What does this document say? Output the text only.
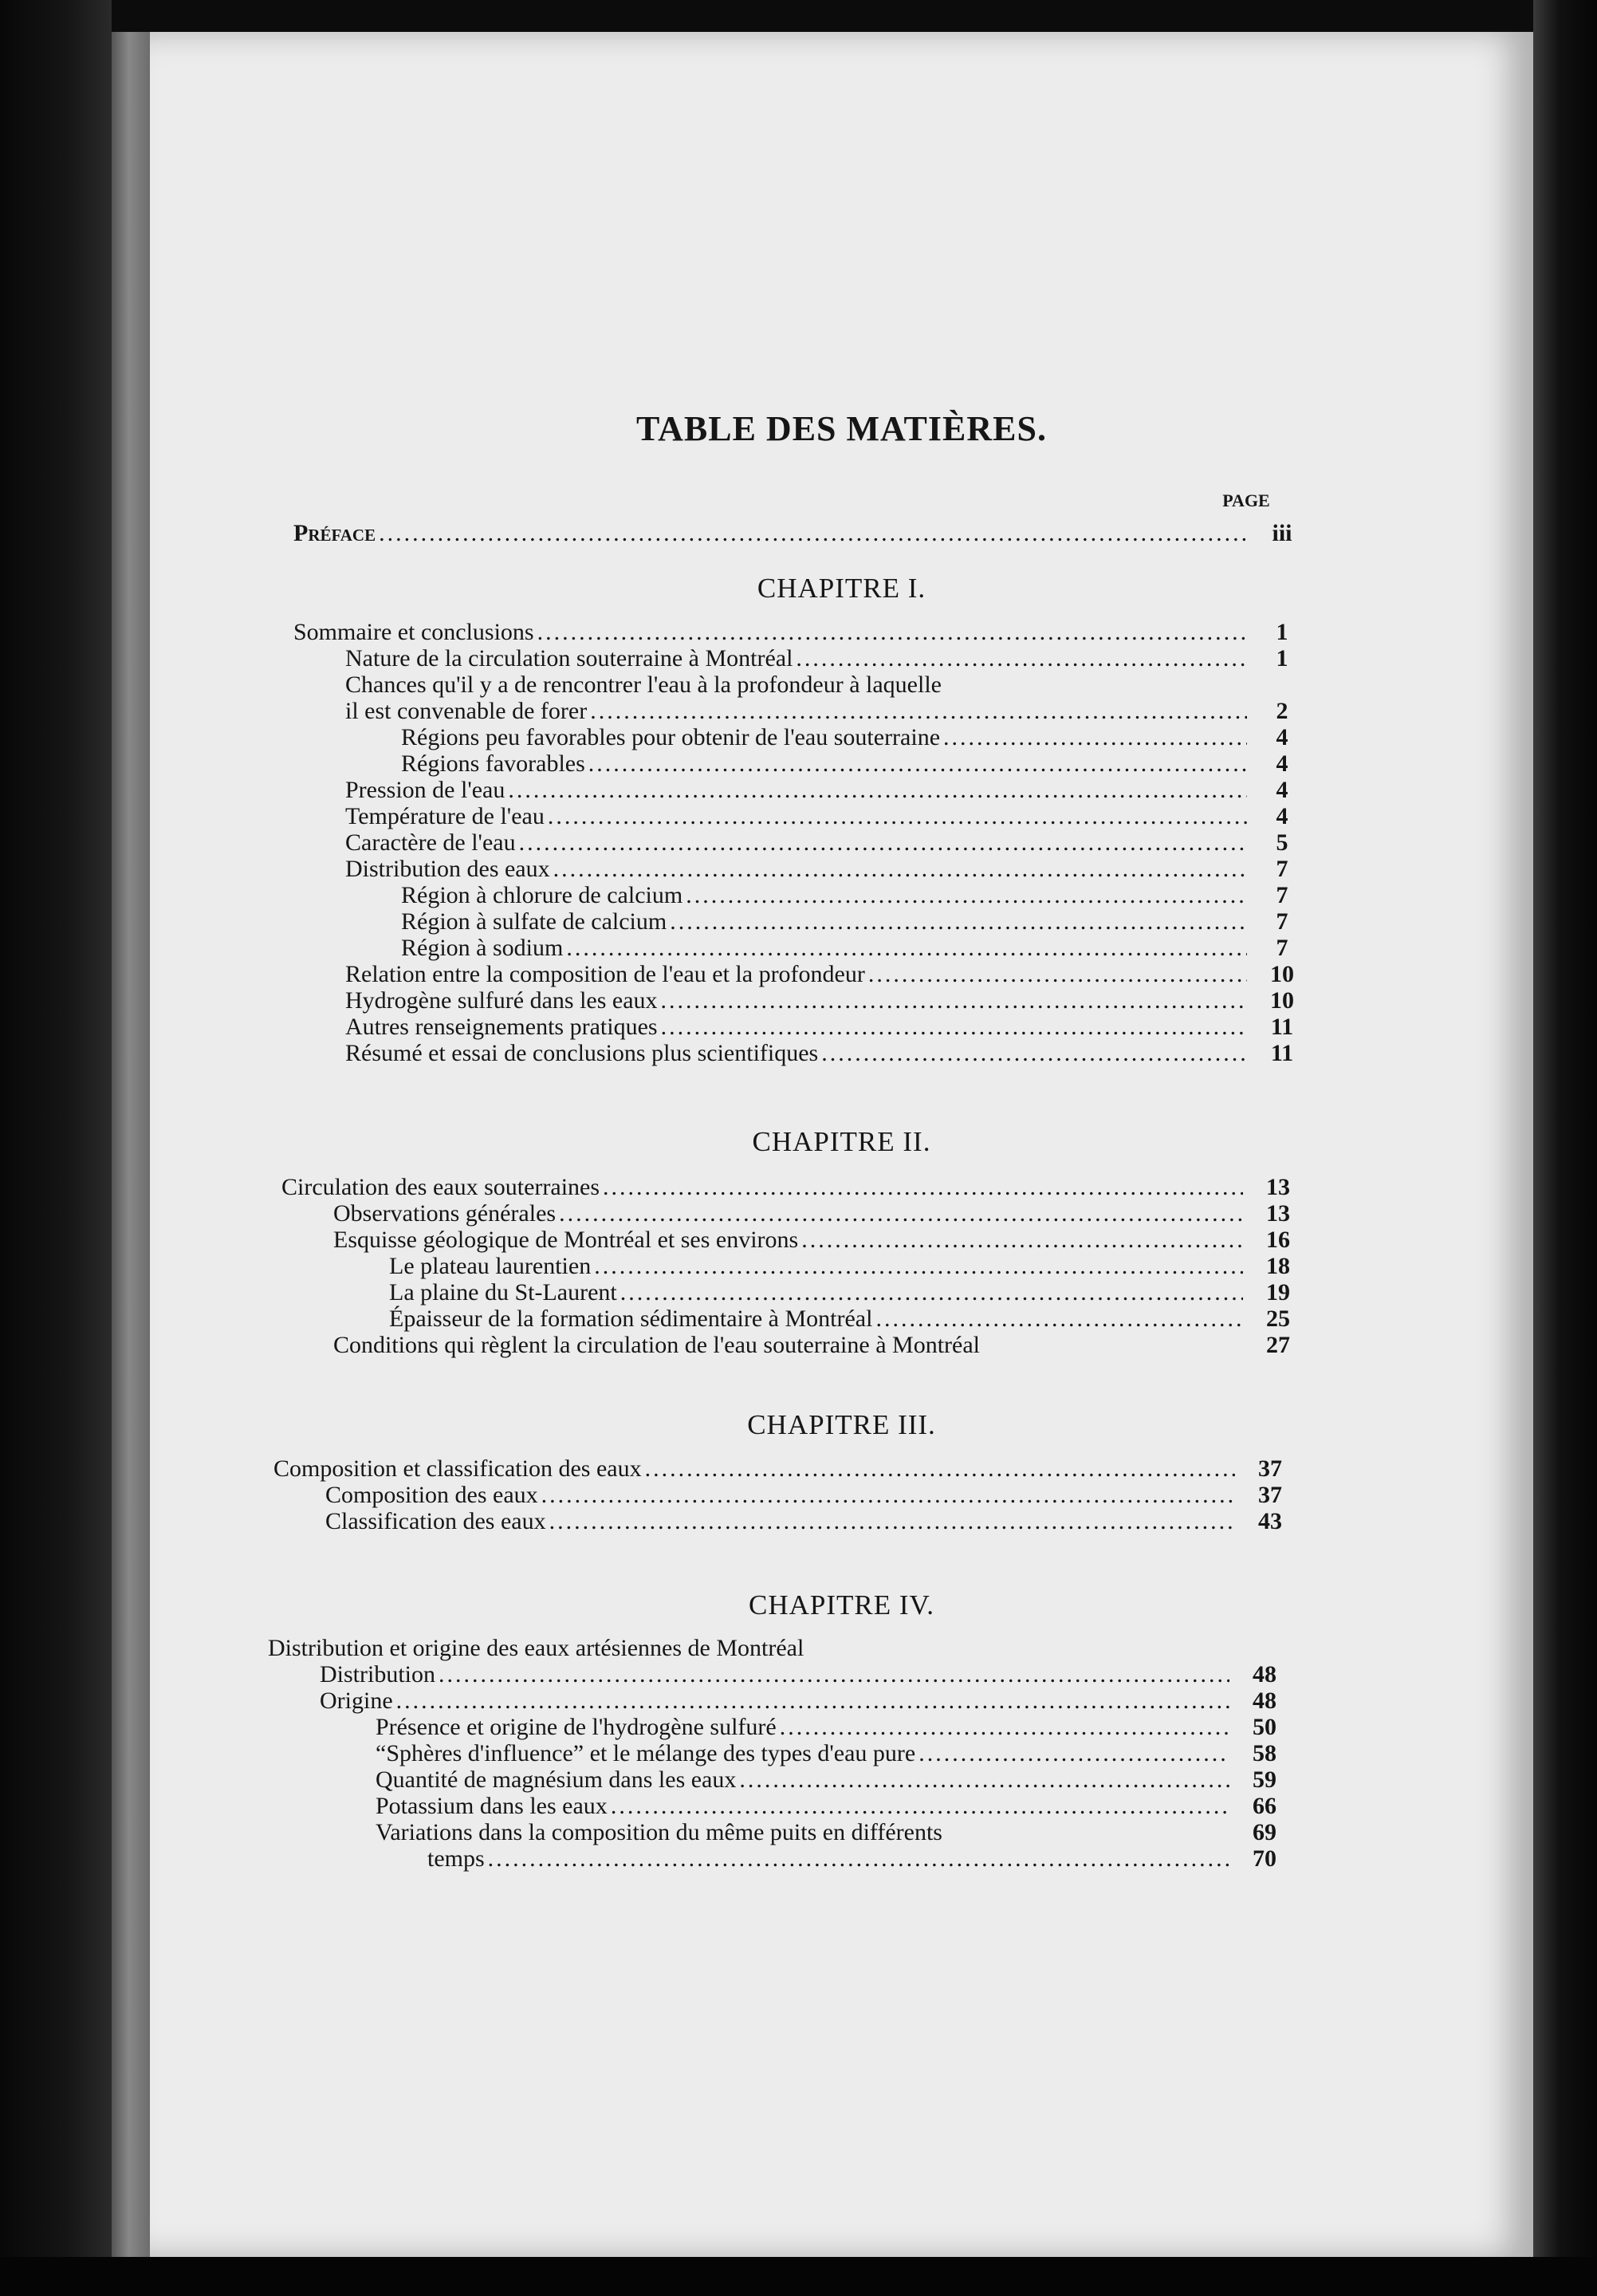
TABLE DES MATIÈRES.
PAGE
Préface .....	iii
CHAPITRE I.
Sommaire et conclusions .....	1
Nature de la circulation souterraine à Montréal .....	1
Chances qu'il y a de rencontrer l'eau à la profondeur à laquelle
il est convenable de forer .....	2
Régions peu favorables pour obtenir de l'eau souterraine .....	4
Régions favorables .....	4
Pression de l'eau .....	4
Température de l'eau .....	4
Caractère de l'eau .....	5
Distribution des eaux .....	7
Région à chlorure de calcium .....	7
Région à sulfate de calcium .....	7
Région à sodium .....	7
Relation entre la composition de l'eau et la profondeur .....	10
Hydrogène sulfuré dans les eaux .....	10
Autres renseignements pratiques .....	11
Résumé et essai de conclusions plus scientifiques .....	11
CHAPITRE II.
Circulation des eaux souterraines .....	13
Observations générales .....	13
Esquisse géologique de Montréal et ses environs .....	16
Le plateau laurentien .....	18
La plaine du St-Laurent .....	19
Épaisseur de la formation sédimentaire à Montréal .....	25
Conditions qui règlent la circulation de l'eau souterraine à Montréal	27
CHAPITRE III.
Composition et classification des eaux .....	37
Composition des eaux .....	37
Classification des eaux .....	43
CHAPITRE IV.
Distribution et origine des eaux artésiennes de Montréal
Distribution .....	48
Origine .....	48
Présence et origine de l'hydrogène sulfuré .....	50
“Sphères d'influence” et le mélange des types d'eau pure .....	58
Quantité de magnésium dans les eaux .....	59
Potassium dans les eaux .....	66
Variations dans la composition du même puits en différents	69
temps .....	70
